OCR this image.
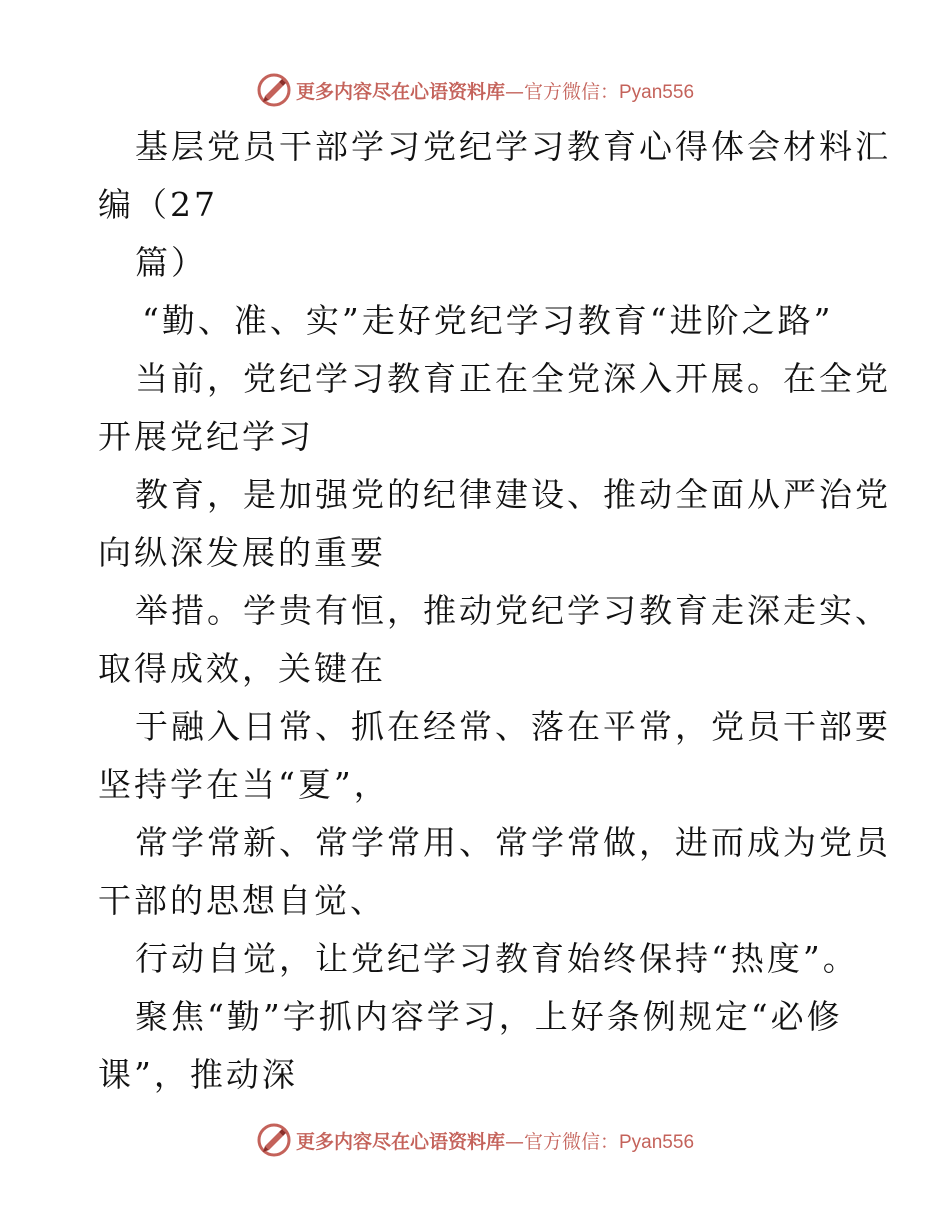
更多内容尽在心语资料库—官方微信：Pyan556
基层党员干部学习党纪学习教育心得体会材料汇
编（27
篇）
“勤、准、实”走好党纪学习教育“进阶之路”
当前，党纪学习教育正在全党深入开展。在全党
开展党纪学习
教育，是加强党的纪律建设、推动全面从严治党
向纵深发展的重要
举措。学贵有恒，推动党纪学习教育走深走实、
取得成效，关键在
于融入日常、抓在经常、落在平常，党员干部要
坚持学在当“夏”，
常学常新、常学常用、常学常做，进而成为党员
干部的思想自觉、
行动自觉，让党纪学习教育始终保持“热度”。
聚焦“勤”字抓内容学习，上好条例规定“必修
课”，推动深
更多内容尽在心语资料库—官方微信：Pyan556
